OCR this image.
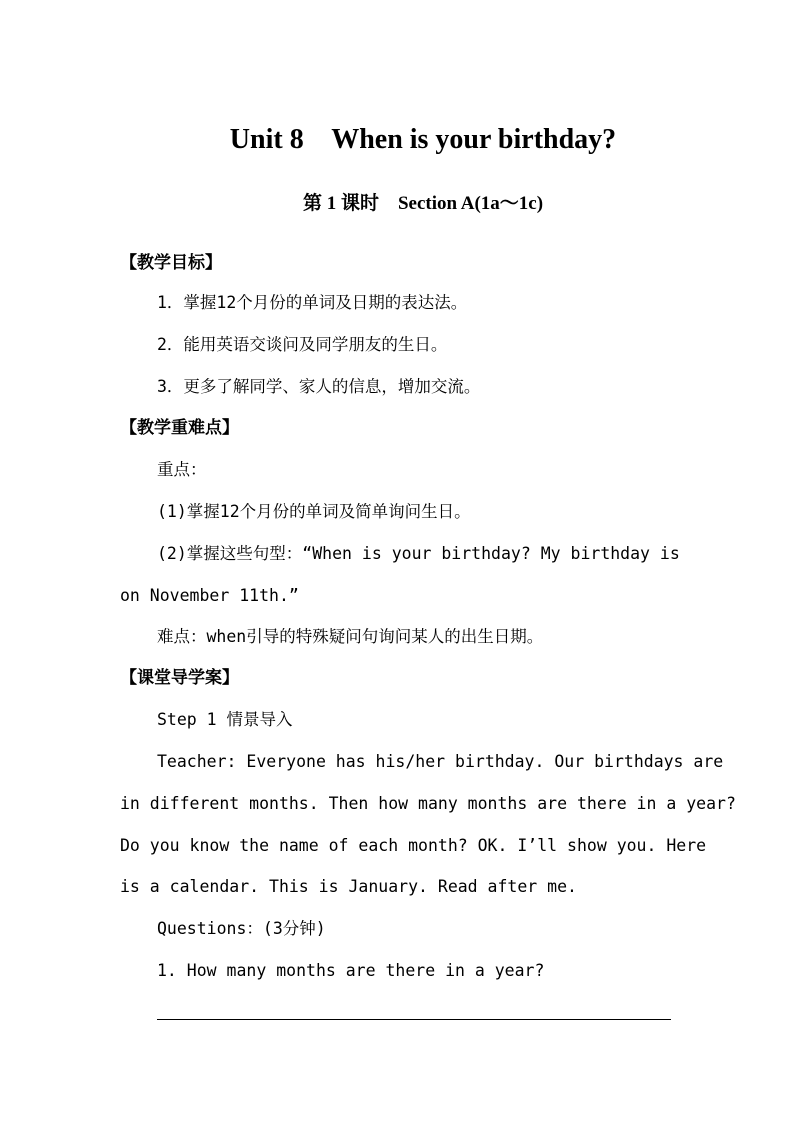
Unit 8    When is your birthday?
第 1 课时    Section A(1a～1c)
【教学目标】
1．掌握12个月份的单词及日期的表达法。
2．能用英语交谈问及同学朋友的生日。
3．更多了解同学、家人的信息，增加交流。
【教学重难点】
重点：
(1)掌握12个月份的单词及简单询问生日。
(2)掌握这些句型：“When is your birthday? My birthday is
on November 11th.”
难点：when引导的特殊疑问句询问某人的出生日期。
【课堂导学案】
Step 1 情景导入
Teacher: Everyone has his/her birthday. Our birthdays are
in different months. Then how many months are there in a year?
Do you know the name of each month? OK. I’ll show you. Here
is a calendar. This is January. Read after me.
Questions：(3分钟)
1. How many months are there in a year?
